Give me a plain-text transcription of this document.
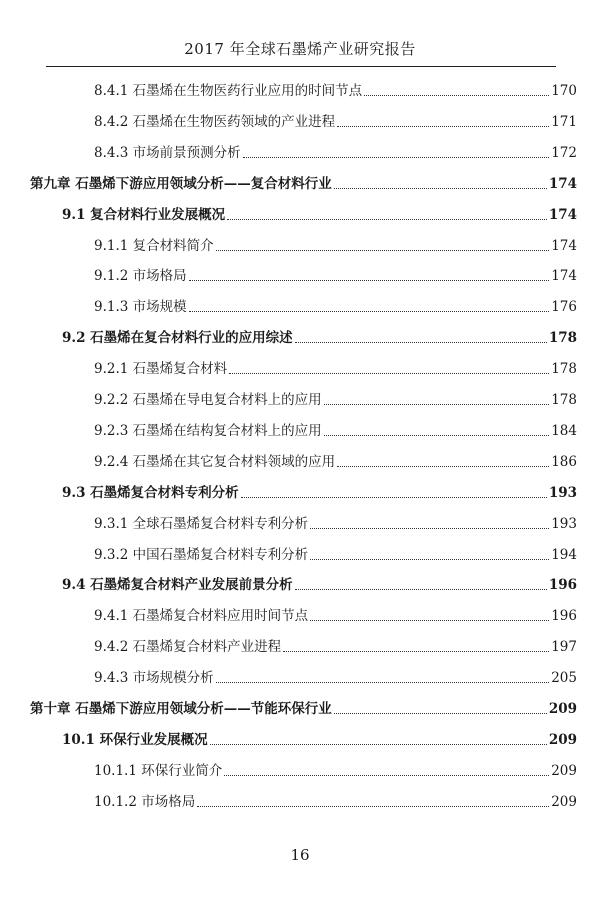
2017 年全球石墨烯产业研究报告
8.4.1 石墨烯在生物医药行业应用的时间节点	170
8.4.2 石墨烯在生物医药领域的产业进程	171
8.4.3 市场前景预测分析	172
第九章 石墨烯下游应用领域分析——复合材料行业	174
9.1 复合材料行业发展概况	174
9.1.1 复合材料简介	174
9.1.2 市场格局	174
9.1.3 市场规模	176
9.2 石墨烯在复合材料行业的应用综述	178
9.2.1 石墨烯复合材料	178
9.2.2 石墨烯在导电复合材料上的应用	178
9.2.3 石墨烯在结构复合材料上的应用	184
9.2.4 石墨烯在其它复合材料领域的应用	186
9.3 石墨烯复合材料专利分析	193
9.3.1 全球石墨烯复合材料专利分析	193
9.3.2 中国石墨烯复合材料专利分析	194
9.4 石墨烯复合材料产业发展前景分析	196
9.4.1 石墨烯复合材料应用时间节点	196
9.4.2 石墨烯复合材料产业进程	197
9.4.3 市场规模分析	205
第十章 石墨烯下游应用领域分析——节能环保行业	209
10.1 环保行业发展概况	209
10.1.1 环保行业简介	209
10.1.2 市场格局	209
16
